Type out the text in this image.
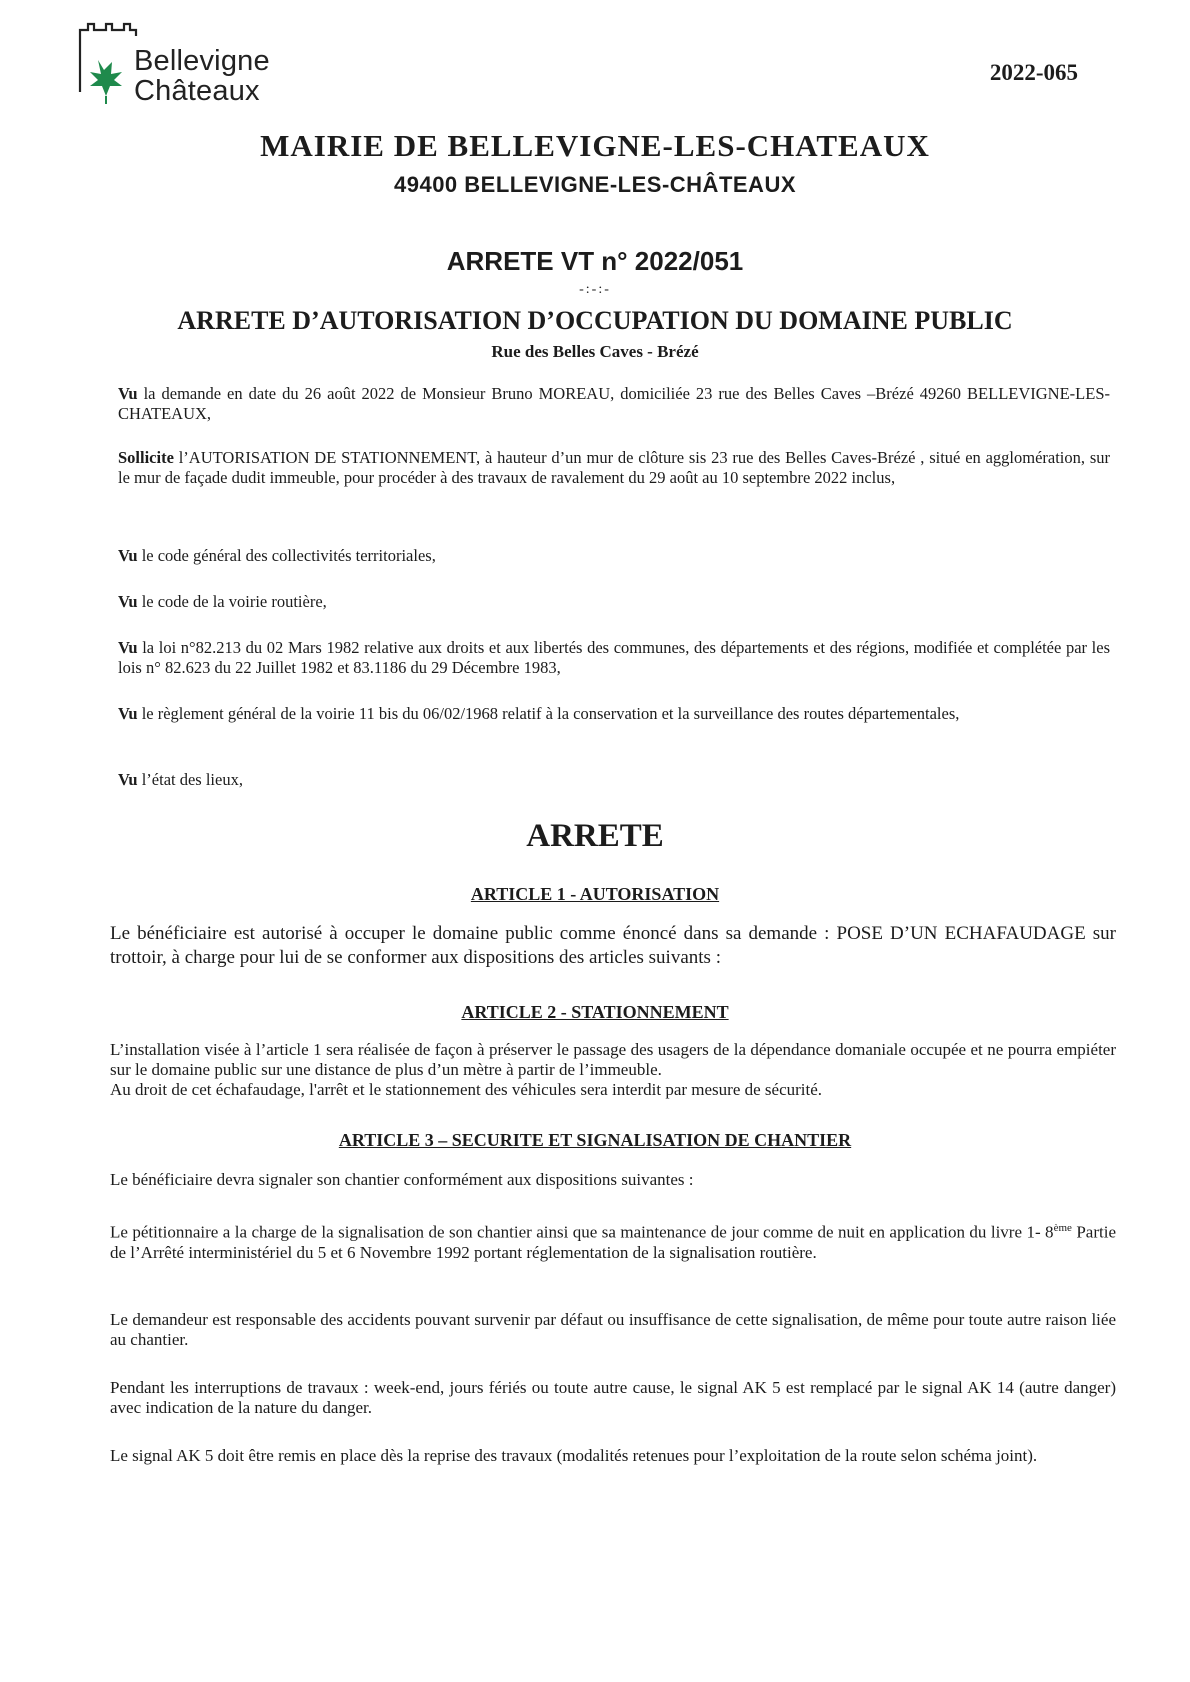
Bellevigne
Châteaux
2022-065
MAIRIE DE BELLEVIGNE-LES-CHATEAUX
49400 BELLEVIGNE-LES-CHÂTEAUX
ARRETE VT n° 2022/051
-:-:-
ARRETE D’AUTORISATION D’OCCUPATION DU DOMAINE PUBLIC
Rue des Belles Caves - Brézé
Vu la demande en date du 26 août 2022 de Monsieur Bruno MOREAU, domiciliée 23 rue des Belles Caves –Brézé 49260 BELLEVIGNE-LES-CHATEAUX,
Sollicite l’AUTORISATION DE STATIONNEMENT, à hauteur d’un mur de clôture sis 23 rue des Belles Caves-Brézé , situé en agglomération, sur le mur de façade dudit immeuble, pour procéder à des travaux de ravalement du 29 août au 10 septembre 2022 inclus,
Vu le code général des collectivités territoriales,
Vu le code de la voirie routière,
Vu la loi n°82.213 du 02 Mars 1982 relative aux droits et aux libertés des communes, des départements et des régions, modifiée et complétée par les lois n° 82.623 du 22 Juillet 1982 et 83.1186 du 29 Décembre 1983,
Vu le règlement général de la voirie 11 bis du 06/02/1968 relatif à la conservation et la surveillance des routes départementales,
Vu l’état des lieux,
ARRETE
ARTICLE 1 - AUTORISATION
Le bénéficiaire est autorisé à occuper le domaine public comme énoncé dans sa demande : POSE D’UN ECHAFAUDAGE sur trottoir, à charge pour lui de se conformer aux dispositions des articles suivants :
ARTICLE 2 - STATIONNEMENT
L’installation visée à l’article 1 sera réalisée de façon à préserver le passage des usagers de la dépendance domaniale occupée et ne pourra empiéter sur le domaine public sur une distance de plus d’un mètre à partir de l’immeuble.
Au droit de cet échafaudage, l'arrêt et le stationnement des véhicules sera interdit par mesure de sécurité.
ARTICLE 3 – SECURITE ET SIGNALISATION DE CHANTIER
Le bénéficiaire devra signaler son chantier conformément aux dispositions suivantes :
Le pétitionnaire a la charge de la signalisation de son chantier ainsi que sa maintenance de jour comme de nuit en application du livre 1- 8ème Partie de l’Arrêté interministériel du 5 et 6 Novembre 1992 portant réglementation de la signalisation routière.
Le demandeur est responsable des accidents pouvant survenir par défaut ou insuffisance de cette signalisation, de même pour toute autre raison liée au chantier.
Pendant les interruptions de travaux : week-end, jours fériés ou toute autre cause, le signal AK 5 est remplacé par le signal AK 14 (autre danger) avec indication de la nature du danger.
Le signal AK 5 doit être remis en place dès la reprise des travaux (modalités retenues pour l’exploitation de la route selon schéma joint).
